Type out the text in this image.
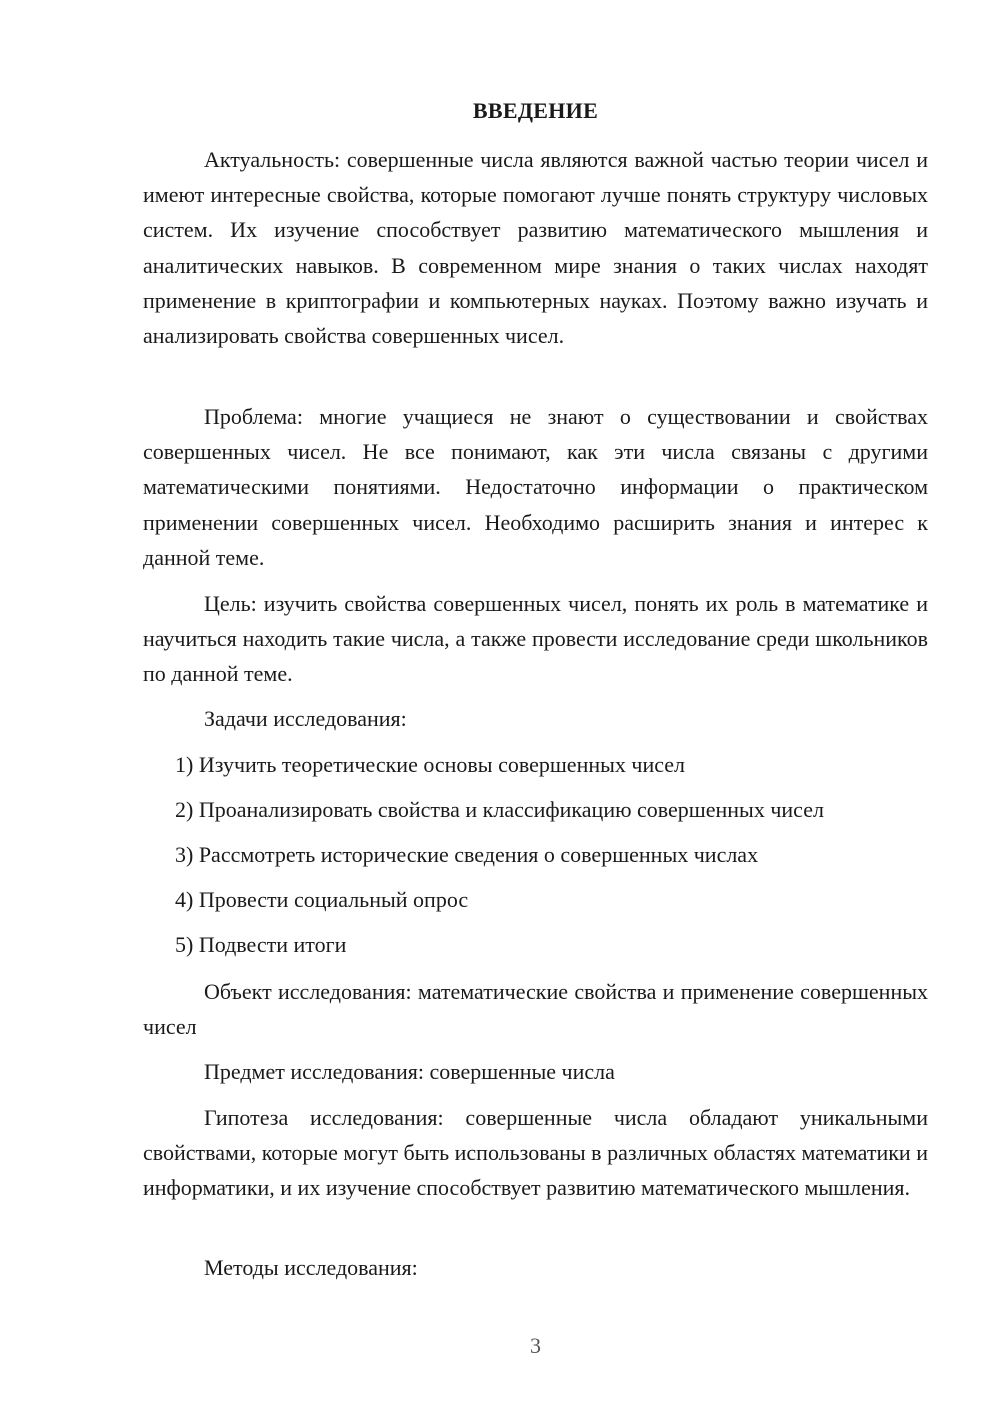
ВВЕДЕНИЕ

Актуальность: совершенные числа являются важной частью теории чисел и имеют интересные свойства, которые помогают лучше понять структуру числовых систем. Их изучение способствует развитию математического мышления и аналитических навыков. В современном мире знания о таких числах находят применение в криптографии и компьютерных науках. Поэтому важно изучать и анализировать свойства совершенных чисел.

Проблема: многие учащиеся не знают о существовании и свойствах совершенных чисел. Не все понимают, как эти числа связаны с другими математическими понятиями. Недостаточно информации о практическом применении совершенных чисел. Необходимо расширить знания и интерес к данной теме.

Цель: изучить свойства совершенных чисел, понять их роль в математике и научиться находить такие числа, а также провести исследование среди школьников по данной теме.

Задачи исследования:
1) Изучить теоретические основы совершенных чисел
2) Проанализировать свойства и классификацию совершенных чисел
3) Рассмотреть исторические сведения о совершенных числах
4) Провести социальный опрос
5) Подвести итоги

Объект исследования: математические свойства и применение совершенных чисел

Предмет исследования: совершенные числа

Гипотеза исследования: совершенные числа обладают уникальными свойствами, которые могут быть использованы в различных областях математики и информатики, и их изучение способствует развитию математического мышления.

Методы исследования:
3
